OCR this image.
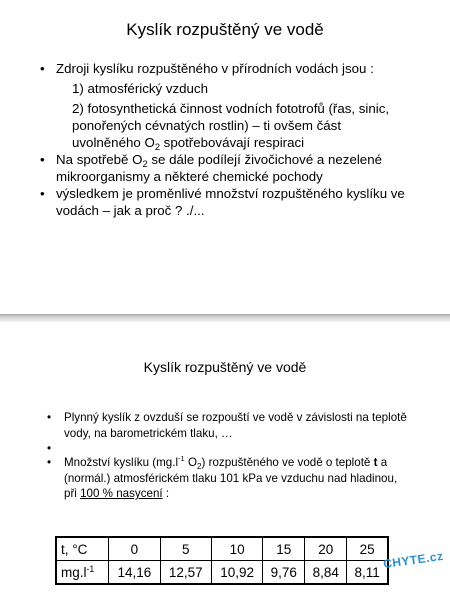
Kyslík rozpuštěný ve vodě
• Zdroji kyslíku rozpuštěného v přírodních vodách jsou :
1) atmosférický vzduch
2) fotosynthetická činnost vodních fototrofů (řas, sinic, ponořených cévnatých rostlin) – ti ovšem část uvolněného $O_2$ spotřebovávají respiraci
• Na spotřebě $O_2$ se dále podílejí živočichové a nezelené mikroorganismy a některé chemické pochody
• výsledkem je proměnlivé množství rozpuštěného kyslíku ve vodách – jak a proč ? ./...
Kyslík rozpuštěný ve vodě
• Plynný kyslík z ovzduší se rozpouští ve vodě v závislosti na teplotě vody, na barometrickém tlaku, …
•
• Množství kyslíku ($mg.l^{-1}$ $O_2$) rozpuštěného ve vodě o teplotě t a (normál.) atmosférickém tlaku 101 kPa ve vzduchu nad hladinou, při 100 % nasycení :
t, °C	0	5	10	15	20	25
$mg.l^{-1}$	14,16	12,57	10,92	9,76	8,84	8,11
CHYTE.cz
